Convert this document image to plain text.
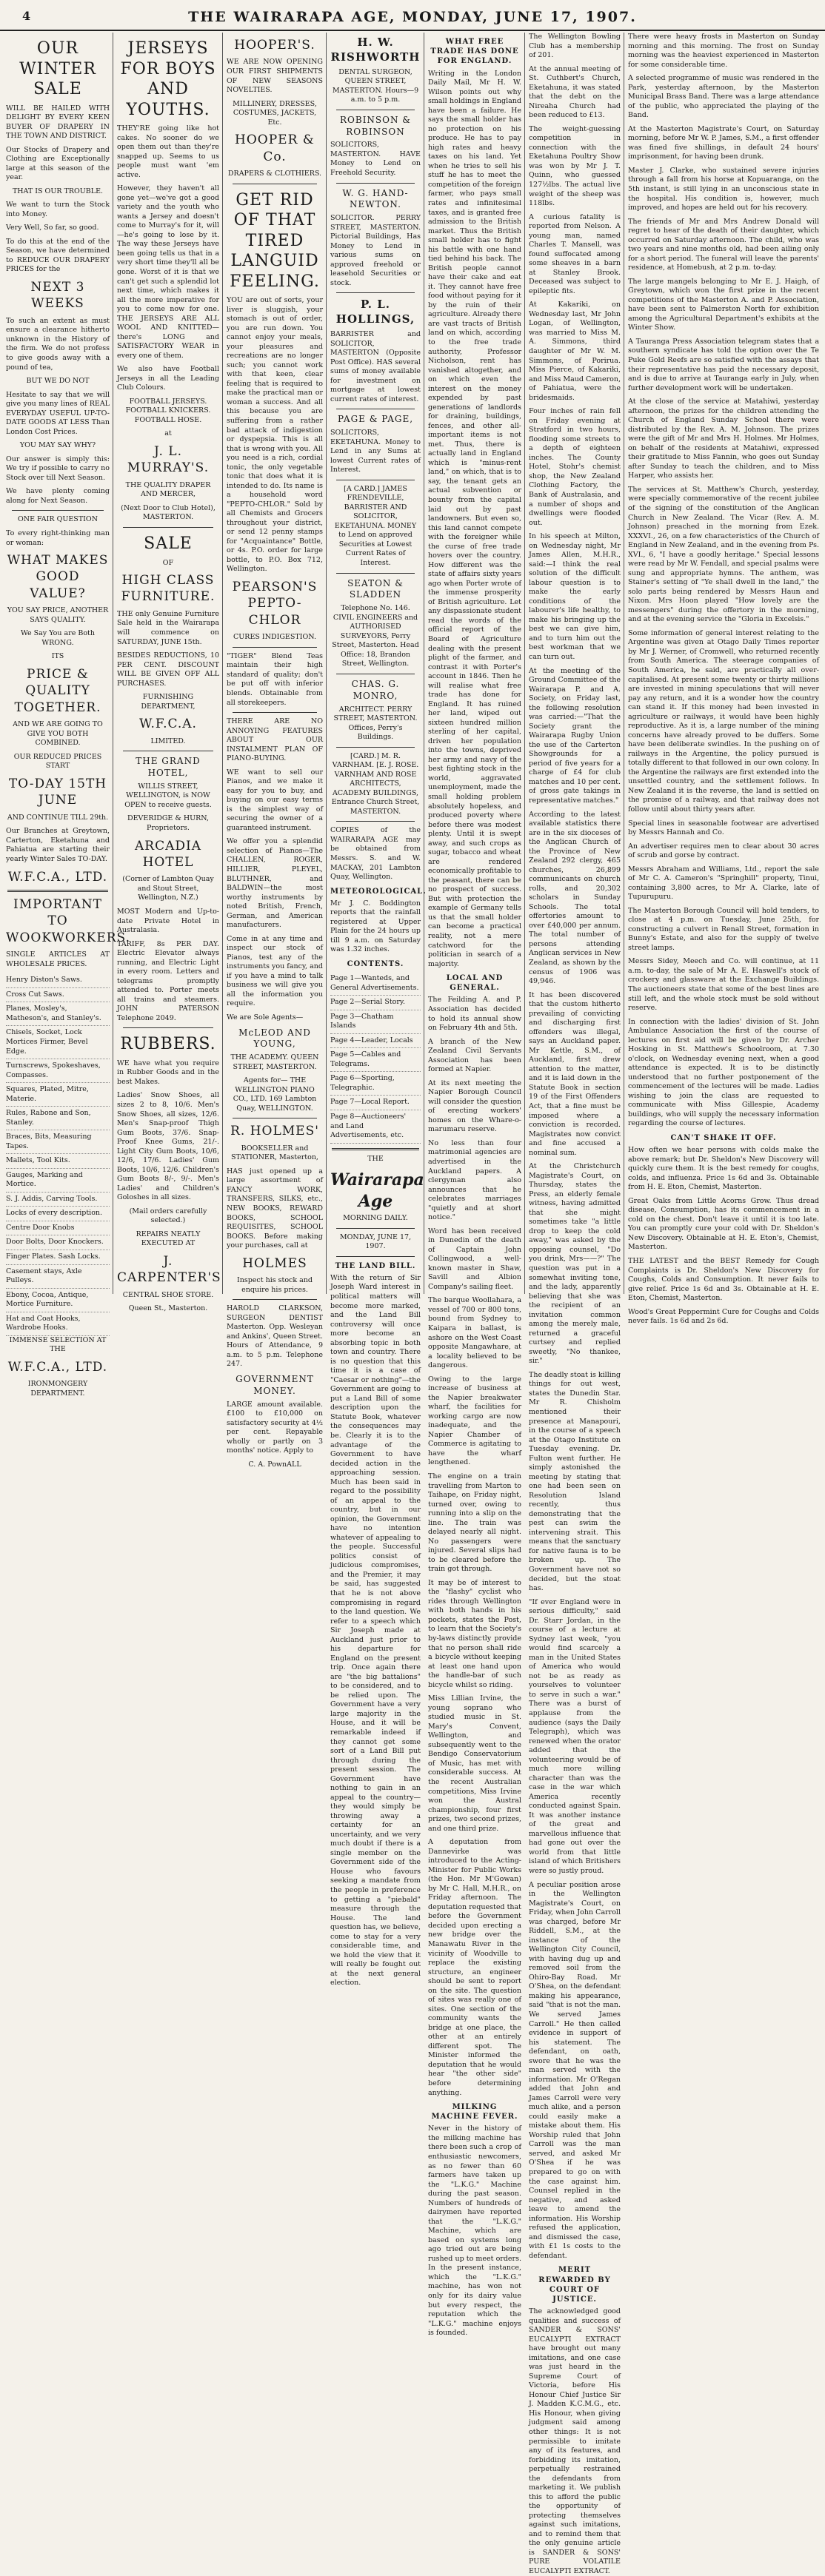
4	THE WAIRARAPA AGE, MONDAY, JUNE 17, 1907.
OUR WINTER SALE

WILL BE HAILED WITH DELIGHT BY EVERY KEEN BUYER OF DRAPERY IN THE TOWN AND DISTRICT.

Our Stocks of Drapery and Clothing are Exceptionally large at this season of the year.

THAT IS OUR TROUBLE.

We want to turn the Stock into Money.

Very Well, So far, so good.

To do this at the end of the Season, we have determined to REDUCE OUR DRAPERY PRICES for the

NEXT 3 WEEKS

To such an extent as must ensure a clearance hitherto unknown in the History of the firm. We do not profess to give goods away with a pound of tea,

BUT WE DO NOT

Hesitate to say that we will give you many lines of REAL EVERYDAY USEFUL UP-TO-DATE GOODS AT LESS Than London Cost Prices.

YOU MAY SAY WHY?

Our answer is simply this: We try if possible to carry no Stock over till Next Season.

We have plenty coming along for Next Season.

ONE FAIR QUESTION

To every right-thinking man or woman:

WHAT MAKES GOOD VALUE?

YOU SAY PRICE, ANOTHER SAYS QUALITY.

We Say You are Both WRONG.

ITS

PRICE & QUALITY TOGETHER.

AND WE ARE GOING TO GIVE YOU BOTH COMBINED.

OUR REDUCED PRICES START

TO-DAY 15TH JUNE

AND CONTINUE TILL 29th.

Our Branches at Greytown, Carterton, Eketahuna and Pahiatua are starting their yearly Winter Sales TO-DAY.

W.F.C.A., LTD.
IMPORTANT TO WOOKWORKERS.

SINGLE ARTICLES AT WHOLESALE PRICES.

Henry Diston's Saws.
Cross Cut Saws.
Planes, Mosley's, Matheson's, and Stanley's.
Chisels, Socket, Lock Mortices Firmer, Bevel Edge.
Turnscrews, Spokeshaves, Compasses.
Squares, Plated, Mitre, Materie.
Rules, Rabone and Son, Stanley.
Braces, Bits, Measuring Tapes.
Mallets, Tool Kits.
Gauges, Marking and Mortice.
S. J. Addis, Carving Tools.
Locks of every description.
Centre Door Knobs
Door Bolts, Door Knockers.
Finger Plates. Sash Locks.
Casement stays, Axle Pulleys.
Ebony, Cocoa, Antique, Mortice Furniture.
Hat and Coat Hooks, Wardrobe Hooks.

IMMENSE SELECTION AT THE

W.F.C.A., LTD.

IRONMONGERY DEPARTMENT.

JERSEYS FOR BOYS AND YOUTHS.

THEY'RE going like hot cakes. No sooner do we open them out than they're snapped up. Seems to us people must want 'em active.

However, they haven't all gone yet—we've got a good variety and the youth who wants a Jersey and doesn't come to Murray's for it, will—he's going to lose by it. The way these Jerseys have been going tells us that in a very short time they'll all be gone. Worst of it is that we can't get such a splendid lot next time, which makes it all the more imperative for you to come now for one. THE JERSEYS ARE ALL WOOL AND KNITTED—there's LONG and SATISFACTORY WEAR in every one of them.

We also have Football Jerseys in all the Leading Club Colours.

FOOTBALL JERSEYS. FOOTBALL KNICKERS. FOOTBALL HOSE.

at

J. L. MURRAY'S.

THE QUALITY DRAPER AND MERCER,

(Next Door to Club Hotel), MASTERTON.

SALE

OF

HIGH CLASS FURNITURE.

THE only Genuine Furniture Sale held in the Wairarapa will commence on SATURDAY, JUNE 15th.

BESIDES REDUCTIONS, 10 PER CENT. DISCOUNT WILL BE GIVEN OFF ALL PURCHASES.

FURNISHING DEPARTMENT,

W.F.C.A.

LIMITED.

THE GRAND HOTEL,

WILLIS STREET, WELLINGTON, is NOW OPEN to receive guests.

DEVERIDGE & HURN, Proprietors.

ARCADIA HOTEL

(Corner of Lambton Quay and Stout Street, Wellington, N.Z.)

MOST Modern and Up-to-date Private Hotel in Australasia.

TARIFF, 8s PER DAY. Electric Elevator always running, and Electric Light in every room. Letters and telegrams promptly attended to. Porter meets all trains and steamers. JOHN PATERSON Telephone 2049.

RUBBERS.

WE have what you require in Rubber Goods and in the best Makes.

Ladies' Snow Shoes, all sizes 2 to 8, 10/6. Men's Snow Shoes, all sizes, 12/6. Men's Snap-proof Thigh Gum Boots, 37/6. Snap-Proof Knee Gums, 21/-. Light City Gum Boots, 10/6, 12/6, 17/6. Ladies' Gum Boots, 10/6, 12/6. Children's Gum Boots 8/-, 9/-. Men's Ladies' and Children's Goloshes in all sizes.

(Mail orders carefully selected.)

REPAIRS NEATLY EXECUTED AT

J. CARPENTER'S

CENTRAL SHOE STORE.

Queen St., Masterton.

HOOPER'S.

WE ARE NOW OPENING OUR FIRST SHIPMENTS OF NEW SEASONS NOVELTIES.

MILLINERY, DRESSES, COSTUMES, JACKETS, Etc.

HOOPER & Co.

DRAPERS & CLOTHIERS.

GET RID OF THAT TIRED LANGUID FEELING.

YOU are out of sorts, your liver is sluggish, your stomach is out of order, you are run down. You cannot enjoy your meals, your pleasures and recreations are no longer such; you cannot work with that keen, clear feeling that is required to make the practical man or woman a success. And all this because you are suffering from a rather bad attack of indigestion or dyspepsia. This is all that is wrong with you. All you need is a rich, cordial tonic, the only vegetable tonic that does what it is intended to do. Its name is a household word "PEPTO-CHLOR." Sold by all Chemists and Grocers throughout your district, or send 12 penny stamps for "Acquaintance" Bottle, or 4s. P.O. order for large bottle, to P.O. Box 712, Wellington.

PEARSON'S PEPTO-CHLOR

CURES INDIGESTION.

"TIGER" Blend Teas maintain their high standard of quality; don't be put off with inferior blends. Obtainable from all storekeepers.

THERE ARE NO ANNOYING FEATURES ABOUT OUR INSTALMENT PLAN OF PIANO-BUYING.

WE want to sell our Pianos, and we make it easy for you to buy, and buying on our easy terms is the simplest way of securing the owner of a guaranteed instrument.

We offer you a splendid selection of Pianos—The CHALLEN, ROGER, HILLIER, PLEYEL, BLUTHNER, and BALDWIN—the most worthy instruments by noted British, French, German, and American manufacturers.

Come in at any time and inspect our stock of Pianos, test any of the instruments you fancy, and if you have a mind to talk business we will give you all the information you require.

We are Sole Agents—

McLEOD AND YOUNG,

THE ACADEMY. QUEEN STREET, MASTERTON.

Agents for— THE WELLINGTON PIANO CO., LTD. 169 Lambton Quay, WELLINGTON.

R. HOLMES'

BOOKSELLER and STATIONER, Masterton,

HAS just opened up a large assortment of FANCY WORK, TRANSFERS, SILKS, etc., NEW BOOKS, REWARD BOOKS, SCHOOL REQUISITES, SCHOOL BOOKS. Before making your purchases, call at

HOLMES

Inspect his stock and enquire his prices.

HAROLD CLARKSON, SURGEON DENTIST Masterton. Opp. Wesleyan and Ankins', Queen Street. Hours of Attendance, 9 a.m. to 5 p.m. Telephone 247.

GOVERNMENT MONEY.

LARGE amount available. £100 to £10,000 on satisfactory security at 4½ per cent. Repayable wholly or partly on 3 months' notice. Apply to

C. A. PownALL

H. W. RISHWORTH

DENTAL SURGEON, QUEEN STREET, MASTERTON. Hours—9 a.m. to 5 p.m.

ROBINSON & ROBINSON

SOLICITORS, MASTERTON. HAVE Money to Lend on Freehold Security.

W. G. HAND-NEWTON.

SOLICITOR. PERRY STREET, MASTERTON. Pictorial Buildings, Has Money to Lend in various sums on approved freehold or leasehold Securities or stock.

P. L. HOLLINGS,

BARRISTER and SOLICITOR, MASTERTON (Opposite Post Office). HAS several sums of money available for investment on mortgage at lowest current rates of interest.

PAGE & PAGE,

SOLICITORS, EKETAHUNA. Money to Lend in any Sums at lowest Current rates of Interest.

[A CARD.] JAMES FRENDEVILLE, BARRISTER AND SOLICITOR, EKETAHUNA. MONEY to Lend on approved Securities at Lowest Current Rates of Interest.

SEATON & SLADDEN

Telephone No. 146. CIVIL ENGINEERS and AUTHORISED SURVEYORS, Perry Street, Masterton. Head Office: 18, Brandon Street, Wellington.

CHAS. G. MONRO,

ARCHITECT. PERRY STREET, MASTERTON. Offices, Perry's Buildings.

[CARD.] M. R. VARNHAM. [E. J. ROSE. VARNHAM AND ROSE ARCHITECTS, ACADEMY BUILDINGS, Entrance Church Street, MASTERTON.

COPIES of the WAIRARAPA AGE may be obtained from Messrs. S. and W. MACKAY, 201 Lambton Quay, Wellington.

METEOROLOGICAL.

Mr J. C. Boddington reports that the rainfall registered at Upper Plain for the 24 hours up till 9 a.m. on Saturday was 1.32 inches.

CONTENTS.
Page 1—Wanteds, and General Advertisements.
Page 2—Serial Story.
Page 3—Chatham Islands
Page 4—Leader, Locals
Page 5—Cables and Telegrams.
Page 6—Sporting, Telegraphic.
Page 7—Local Report.
Page 8—Auctioneers' and Land Advertisements, etc.

THE

Wairarapa Age

MORNING DAILY.

MONDAY, JUNE 17, 1907.

THE LAND BILL.

With the return of Sir Joseph Ward interest in political matters will become more marked, and the Land Bill controversy will once more become an absorbing topic in both town and country. There is no question that this time it is a case of "Caesar or nothing"—the Government are going to put a Land Bill of some description upon the Statute Book, whatever the consequences may be. Clearly it is to the advantage of the Government to have decided action in the approaching session. Much has been said in regard to the possibility of an appeal to the country, but in our opinion, the Government have no intention whatever of appealing to the people. Successful politics consist of judicious compromises, and the Premier, it may be said, has suggested that he is not above compromising in regard to the land question. We refer to a speech which Sir Joseph made at Auckland just prior to his departure for England on the present trip. Once again there are "the big battalions" to be considered, and to be relied upon. The Government have a very large majority in the House, and it will be remarkable indeed if they cannot get some sort of a Land Bill put through during the present session. The Government have nothing to gain in an appeal to the country—they would simply be throwing away a certainty for an uncertainty, and we very much doubt if there is a single member on the Government side of the House who favours seeking a mandate from the people in preference to getting a "piebald" measure through the House. The land question has, we believe, come to stay for a very considerable time, and we hold the view that it will really be fought out at the next general election.

WHAT FREE TRADE HAS DONE FOR ENGLAND.

Writing in the London Daily Mail, Mr H. W. Wilson points out why small holdings in England have been a failure. He says the small holder has no protection on his produce. He has to pay high rates and heavy taxes on his land. Yet when he tries to sell his stuff he has to meet the competition of the foreign farmer, who pays small rates and infinitesimal taxes, and is granted free admission to the British market. Thus the British small holder has to fight his battle with one hand tied behind his back. The British people cannot have their cake and eat it. They cannot have free food without paying for it by the ruin of their agriculture. Already there are vast tracts of British land on which, according to the free trade authority, Professor Nicholson, rent has vanished altogether, and on which even the interest on the money expended by past generations of landlords for draining, buildings, fences, and other all-important items is not met. Thus, there is actually land in England which is "minus-rent land," on which, that is to say, the tenant gets an actual subvention or bounty from the capital laid out by past landowners. But even so, this land cannot compete with the foreigner while the curse of free trade hovers over the country. How different was the state of affairs sixty years ago when Porter wrote of the immense prosperity of British agriculture. Let any dispassionate student read the words of the official report of the Board of Agriculture dealing with the present plight of the farmer, and contrast it with Porter's account in 1846. Then he will realise what free trade has done for England. It has ruined her land, wiped out sixteen hundred million sterling of her capital, driven her population into the towns, deprived her army and navy of the best fighting stock in the world, aggravated unemployment, made the small holding problem absolutely hopeless, and produced poverty where before there was modest plenty. Until it is swept away, and such crops as sugar, tobacco and wheat are rendered economically profitable to the peasant, there can be no prospect of success. But with protection the example of Germany tells us that the small holder can become a practical reality, not a mere catchword for the politician in search of a majority.

LOCAL AND GENERAL.

The Feilding A. and P. Association has decided to hold its annual show on February 4th and 5th.

A branch of the New Zealand Civil Servants Association has been formed at Napier.

At its next meeting the Napier Borough Council will consider the question of erecting workers' homes on the Whare-o-marumaru reserve.

No less than four matrimonial agencies are advertised in the Auckland papers. A clergyman also announces that he celebrates marriages "quietly and at short notice."

Word has been received in Dunedin of the death of Captain John Collingwood, a well-known master in Shaw, Savill and Albion Company's sailing fleet.

The barque Woollahara, a vessel of 700 or 800 tons, bound from Sydney to Kaipara in ballast, is ashore on the West Coast opposite Mangawhare, at a locality believed to be dangerous.

Owing to the large increase of business at the Napier breakwater wharf, the facilities for working cargo are now inadequate, and the Napier Chamber of Commerce is agitating to have the wharf lengthened.

The engine on a train travelling from Marton to Taihape, on Friday night, turned over, owing to running into a slip on the line. The train was delayed nearly all night. No passengers were injured. Several slips had to be cleared before the train got through.

It may be of interest to the "flashy" cyclist who rides through Wellington with both hands in his pockets, states the Post, to learn that the Society's by-laws distinctly provide that no person shall ride a bicycle without keeping at least one hand upon the handle-bar of such bicycle whilst so riding.

Miss Lillian Irvine, the young soprano who studied music in St. Mary's Convent, Wellington, and subsequently went to the Bendigo Conservatorium of Music, has met with considerable success. At the recent Australian competitions, Miss Irvine won the Austral championship, four first prizes, two second prizes, and one third prize.

A deputation from Dannevirke was introduced to the Acting-Minister for Public Works (the Hon. Mr M'Gowan) by Mr C. Hall, M.H.R., on Friday afternoon. The deputation requested that before the Government decided upon erecting a new bridge over the Manawatu River in the vicinity of Woodville to replace the existing structure, an engineer should be sent to report on the site. The question of sites was really one of sites. One section of the community wants the bridge at one place, the other at an entirely different spot. The Minister informed the deputation that he would hear "the other side" before determining anything.

MILKING MACHINE FEVER.

Never in the history of the milking machine has there been such a crop of enthusiastic newcomers, as no fewer than 60 farmers have taken up the "L.K.G." Machine during the past season. Numbers of hundreds of dairymen have reported that the "L.K.G." Machine, which are based on systems long ago tried out are being rushed up to meet orders. In the present instance, which the "L.K.G." machine, has won not only for its dairy value but every respect, the reputation which the "L.K.G." machine enjoys is founded.

The Wellington Bowling Club has a membership of 201.

At the annual meeting of St. Cuthbert's Church, Eketahuna, it was stated that the debt on the Nireaha Church had been reduced to £13.

The weight-guessing competition in connection with the Eketahuna Poultry Show was won by Mr J. T. Quinn, who guessed 127½lbs. The actual live weight of the sheep was 118lbs.

A curious fatality is reported from Nelson. A young man, named Charles T. Mansell, was found suffocated among some sheaves in a barn at Stanley Brook. Deceased was subject to epileptic fits.

At Kakariki, on Wednesday last, Mr John Logan, of Wellington, was married to Miss M. A. Simmons, third daughter of Mr W. M. Simmons, of Porirua. Miss Pierce, of Kakariki, and Miss Maud Cameron, of Pahiatua, were the bridesmaids.

Four inches of rain fell on Friday evening at Stratford in two hours, flooding some streets to a depth of eighteen inches. The County Hotel, Stohr's chemist shop, the New Zealand Clothing Factory, the Bank of Australasia, and a number of shops and dwellings were flooded out.

In his speech at Milton, on Wednesday night, Mr James Allen, M.H.R., said:—I think the real solution of the difficult labour question is to make the early conditions of the labourer's life healthy, to make his bringing up the best we can give him, and to turn him out the best workman that we can turn out.

At the meeting of the Ground Committee of the Wairarapa P. and A. Society, on Friday last, the following resolution was carried:—"That the Society grant the Wairarapa Rugby Union the use of the Carterton Showgrounds for a period of five years for a charge of £4 for club matches and 10 per cent. of gross gate takings in representative matches."

According to the latest available statistics there are in the six dioceses of the Anglican Church of the Province of New Zealand 292 clergy, 465 churches, 26,899 communicants on church rolls, and 20,302 scholars in Sunday Schools. The total offertories amount to over £40,000 per annum. The total number of persons attending Anglican services in New Zealand, as shown by the census of 1906 was 49,946.

It has been discovered that the custom hitherto prevailing of convicting and discharging first offenders was illegal, says an Auckland paper. Mr Kettle, S.M., of Auckland, first drew attention to the matter, and it is laid down in the Statute Book in section 19 of the First Offenders Act, that a fine must be imposed where a conviction is recorded. Magistrates now convict and fine accused a nominal sum.

At the Christchurch Magistrate's Court, on Thursday, states the Press, an elderly female witness, having admitted that she might sometimes take "a little drop to keep the cold away," was asked by the opposing counsel, "Do you drink, Mrs——?" The question was put in a somewhat inviting tone, and the lady, apparently believing that she was the recipient of an invitation common among the merely male, returned a graceful curtsey and replied sweetly, "No thankee, sir."

The deadly stoat is killing things for out west, states the Dunedin Star. Mr R. Chisholm mentioned their presence at Manapouri, in the course of a speech at the Otago Institute on Tuesday evening. Dr. Fulton went further. He simply astonished the meeting by stating that one had been seen on Resolution Island recently, thus demonstrating that the pest can swim the intervening strait. This means that the sanctuary for native fauna is to be broken up. The Government have not so decided, but the stoat has.

"If ever England were in serious difficulty," said Dr. Starr Jordan, in the course of a lecture at Sydney last week, "you would find scarcely a man in the United States of America who would not be as ready as yourselves to volunteer to serve in such a war." There was a burst of applause from the audience (says the Daily Telegraph), which was renewed when the orator added that the volunteering would be of much more willing character than was the case in the war which America recently conducted against Spain. It was another instance of the great and marvellous influence that had gone out over the world from that little island of which Britishers were so justly proud.

A peculiar position arose in the Wellington Magistrate's Court, on Friday, when John Carroll was charged, before Mr Riddell, S.M., at the instance of the Wellington City Council, with having dug up and removed soil from the Ohiro-Bay Road. Mr O'Shea, on the defendant making his appearance, said "that is not the man. We served James Carroll." He then called evidence in support of his statement. The defendant, on oath, swore that he was the man served with the information. Mr O'Regan added that John and James Carroll were very much alike, and a person could easily make a mistake about them. His Worship ruled that John Carroll was the man served, and asked Mr O'Shea if he was prepared to go on with the case against him. Counsel replied in the negative, and asked leave to amend the information. His Worship refused the application, and dismissed the case, with £1 1s costs to the defendant.

MERIT REWARDED BY COURT OF JUSTICE.

The acknowledged good qualities and success of SANDER & SONS' EUCALYPTI EXTRACT have brought out many imitations, and one case was just heard in the Supreme Court of Victoria, before His Honour Chief Justice Sir J. Madden K.C.M.G., etc. His Honour, when giving judgment said among other things: It is not permissible to imitate any of its features, and forbidding its imitation, perpetually restrained the defendants from marketing it. We publish this to afford the public the opportunity of protecting themselves against such imitations, and to remind them that the only genuine article is SANDER & SONS' PURE VOLATILE EUCALYPTI EXTRACT.

There were heavy frosts in Masterton on Sunday morning and this morning. The frost on Sunday morning was the heaviest experienced in Masterton for some considerable time.

A selected programme of music was rendered in the Park, yesterday afternoon, by the Masterton Municipal Brass Band. There was a large attendance of the public, who appreciated the playing of the Band.

At the Masterton Magistrate's Court, on Saturday morning, before Mr W. P. James, S.M., a first offender was fined five shillings, in default 24 hours' imprisonment, for having been drunk.

Master J. Clarke, who sustained severe injuries through a fall from his horse at Kopuaranga, on the 5th instant, is still lying in an unconscious state in the hospital. His condition is, however, much improved, and hopes are held out for his recovery.

The friends of Mr and Mrs Andrew Donald will regret to hear of the death of their daughter, which occurred on Saturday afternoon. The child, who was two years and nine months old, had been ailing only for a short period. The funeral will leave the parents' residence, at Homebush, at 2 p.m. to-day.

The large mangels belonging to Mr E. J. Haigh, of Greytown, which won the first prize in the recent competitions of the Masterton A. and P. Association, have been sent to Palmerston North for exhibition among the Agricultural Department's exhibits at the Winter Show.

A Tauranga Press Association telegram states that a southern syndicate has told the option over the Te Puke Gold Reefs are so satisfied with the assays that their representative has paid the necessary deposit, and is due to arrive at Tauranga early in July, when further development work will be undertaken.

At the close of the service at Matahiwi, yesterday afternoon, the prizes for the children attending the Church of England Sunday School there were distributed by the Rev. A. M. Johnson. The prizes were the gift of Mr and Mrs H. Holmes. Mr Holmes, on behalf of the residents at Matahiwi, expressed their gratitude to Miss Fannin, who goes out Sunday after Sunday to teach the children, and to Miss Harper, who assists her.

The services at St. Matthew's Church, yesterday, were specially commemorative of the recent jubilee of the signing of the constitution of the Anglican Church in New Zealand. The Vicar (Rev. A. M. Johnson) preached in the morning from Ezek. XXXVI., 26, on a few characteristics of the Church of England in New Zealand, and in the evening from Ps. XVI., 6, "I have a goodly heritage." Special lessons were read by Mr W. Fendall, and special psalms were sung and appropriate hymns. The anthem, was Stainer's setting of "Ye shall dwell in the land," the solo parts being rendered by Messrs Haun and Nixon. Mrs Hoon played "How lovely are the messengers" during the offertory in the morning, and at the evening service the "Gloria in Excelsis."

Some information of general interest relating to the Argentine was given at Otago Daily Times reporter by Mr J. Werner, of Cromwell, who returned recently from South America. The steerage companies of South America, he said, are practically all over-capitalised. At present some twenty or thirty millions are invested in mining speculations that will never pay any return, and it is a wonder how the country can stand it. If this money had been invested in agriculture or railways, it would have been highly reproductive. As it is, a large number of the mining concerns have already proved to be duffers. Some have been deliberate swindles. In the pushing on of railways in the Argentine, the policy pursued is totally different to that followed in our own colony. In the Argentine the railways are first extended into the unsettled country, and the settlement follows. In New Zealand it is the reverse, the land is settled on the promise of a railway, and that railway does not follow until about thirty years after.

Special lines in seasonable footwear are advertised by Messrs Hannah and Co.

An advertiser requires men to clear about 30 acres of scrub and gorse by contract.

Messrs Abraham and Williams, Ltd., report the sale of Mr C. A. Cameron's "Springhill" property, Tinui, containing 3,800 acres, to Mr A. Clarke, late of Tupurupuru.

The Masterton Borough Council will hold tenders, to close at 4 p.m. on Tuesday, June 25th, for constructing a culvert in Renall Street, formation in Bunny's Estate, and also for the supply of twelve street lamps.

Messrs Sidey, Meech and Co. will continue, at 11 a.m. to-day, the sale of Mr A. E. Haswell's stock of crockery and glassware at the Exchange Buildings. The auctioneers state that some of the best lines are still left, and the whole stock must be sold without reserve.

In connection with the ladies' division of St. John Ambulance Association the first of the course of lectures on first aid will be given by Dr. Archer Hosking in St. Matthew's Schoolroom, at 7.30 o'clock, on Wednesday evening next, when a good attendance is expected. It is to be distinctly understood that no further postponement of the commencement of the lectures will be made. Ladies wishing to join the class are requested to communicate with Miss Gillespie, Academy buildings, who will supply the necessary information regarding the course of lectures.

CAN'T SHAKE IT OFF.

How often we hear persons with colds make the above remark; but Dr. Sheldon's New Discovery will quickly cure them. It is the best remedy for coughs, colds, and influenza. Price 1s 6d and 3s. Obtainable from H. E. Eton, Chemist, Masterton.

Great Oaks from Little Acorns Grow. Thus dread disease, Consumption, has its commencement in a cold on the chest. Don't leave it until it is too late. You can promptly cure your cold with Dr. Sheldon's New Discovery. Obtainable at H. E. Eton's, Chemist, Masterton.

THE LATEST and the BEST Remedy for Cough Complaints is Dr. Sheldon's New Discovery for Coughs, Colds and Consumption. It never fails to give relief. Price 1s 6d and 3s. Obtainable at H. E. Eton, Chemist, Masterton.

Wood's Great Peppermint Cure for Coughs and Colds never fails. 1s 6d and 2s 6d.
